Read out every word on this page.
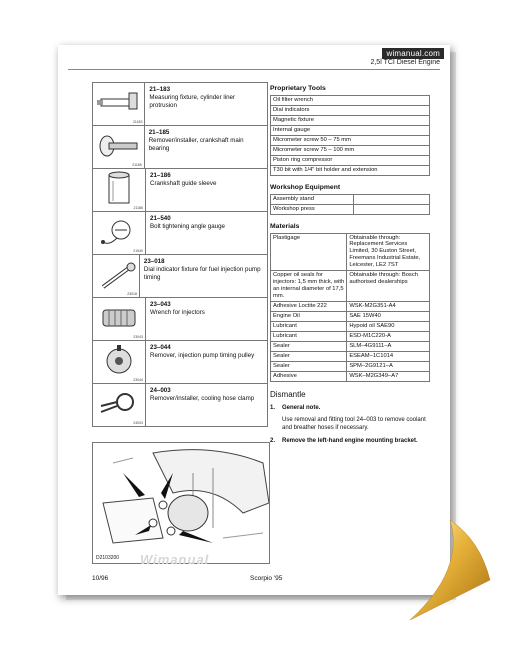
wimanual.com
2,5l TCI Diesel Engine
21183
21–183
Measuring fixture, cylinder liner protrusion
21185
21–185
Remover/installer, crankshaft main bearing
21186
21–186
Crankshaft guide sleeve
21540
21–540
Bolt tightening angle gauge
23018
23–018
Dial indicator fixture for fuel injection pump timing
23043
23–043
Wrench for injectors
23044
23–044
Remover, injection pump timing pulley
24003
24–003
Remover/installer, cooling hose clamp
D2103200 Wimanual
Proprietary Tools
Oil filter wrench
Dial indicators
Magnetic fixture
Internal gauge
Micrometer screw 50 – 75 mm
Micrometer screw 75 – 100 mm
Piston ring compressor
T30 bit with 1/4" bit holder and extension
Workshop Equipment
Assembly stand	
Workshop press	
Materials
Plastigage	Obtainable through: Replacement Services Limited, 30 Euston Street, Freemans Industrial Estate, Leicester, LE2 7ST
Copper oil seals for injectors: 1,5 mm thick, with an internal diameter of 17,5 mm.	Obtainable through: Bosch authorised dealerships
Adhesive Loctite 222	WSK-M2G351-A4
Engine Oil	SAE 15W40
Lubricant	Hypoid oil SAE90
Lubricant	ESD-M1C220-A
Sealer	SLM–4G9111–A
Sealer	ESEAM–1C1014
Sealer	SPM–2G9121–A
Adhesive	WSK–M2G349–A7
Dismantle
1.	General note.
Use removal and fitting tool 24–003 to remove coolant and breather hoses if necessary.
2.	Remove the left-hand engine mounting bracket.
10/96	Scorpio '95
